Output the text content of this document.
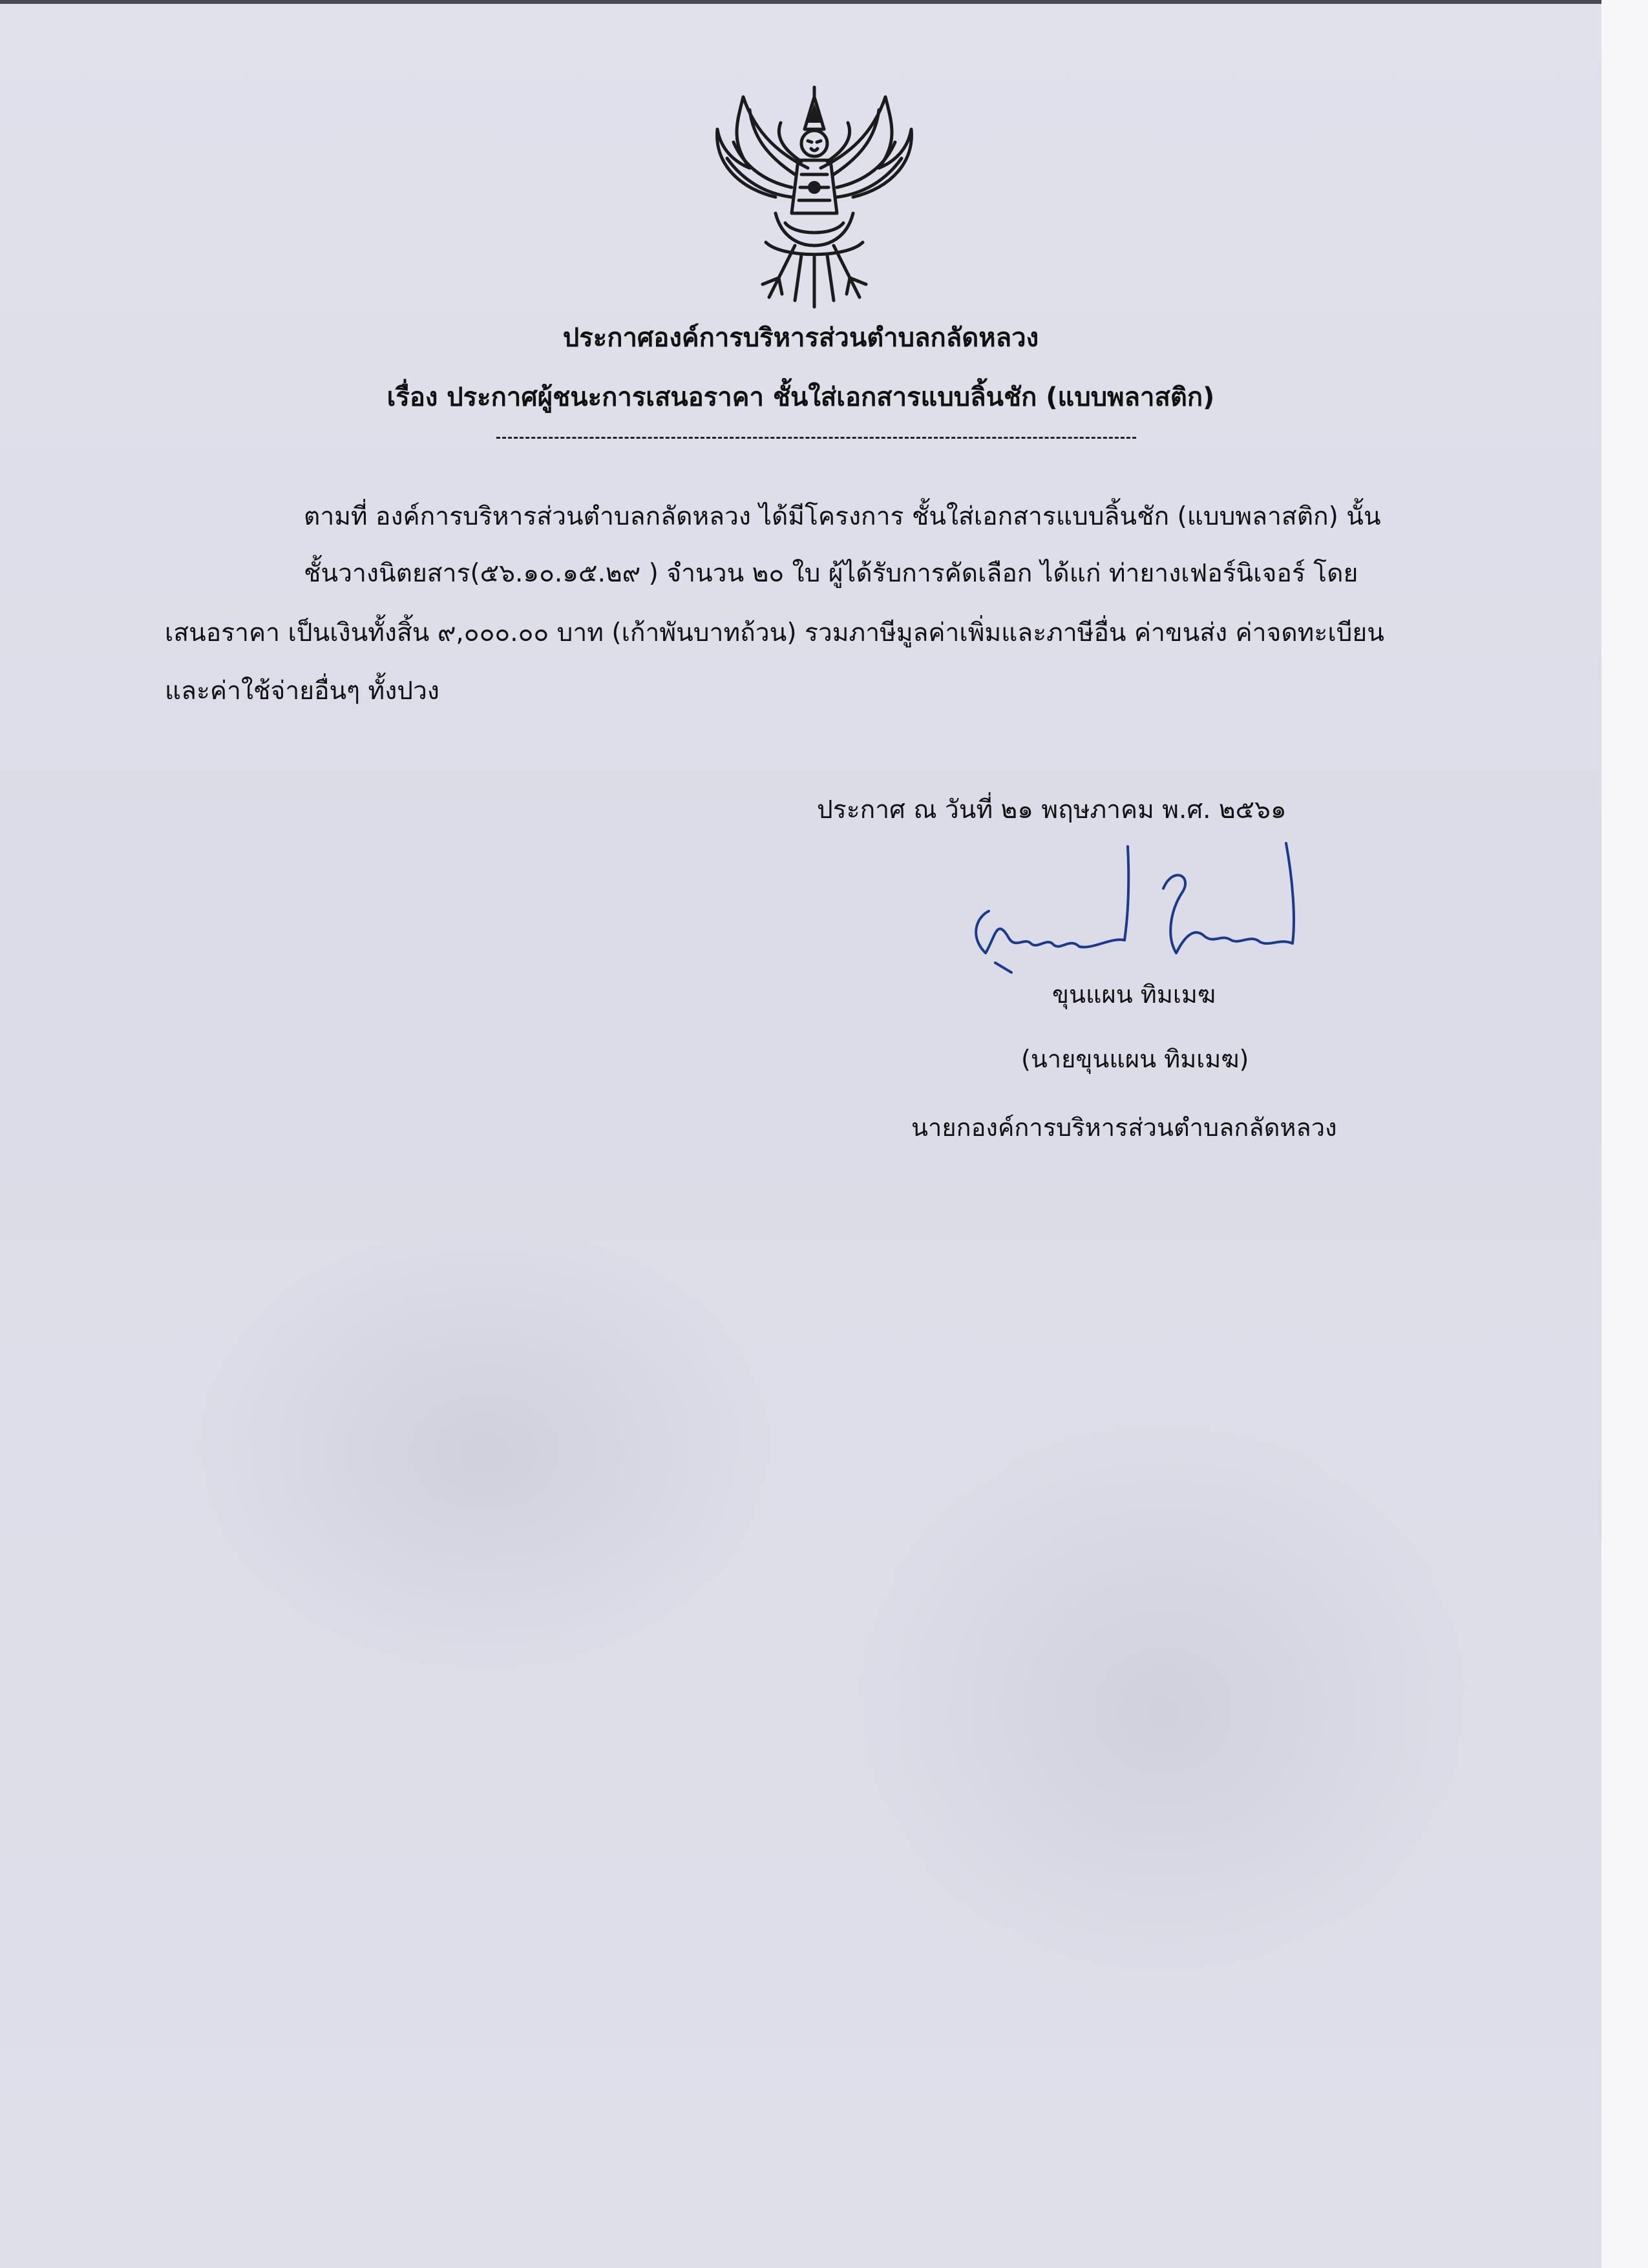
ประกาศองค์การบริหารส่วนตำบลกลัดหลวง
เรื่อง ประกาศผู้ชนะการเสนอราคา ชั้นใส่เอกสารแบบลิ้นชัก (แบบพลาสติก)
ตามที่ องค์การบริหารส่วนตำบลกลัดหลวง ได้มีโครงการ ชั้นใส่เอกสารแบบลิ้นชัก (แบบพลาสติก) นั้น
ชั้นวางนิตยสาร(๕๖.๑๐.๑๕.๒๙ ) จำนวน ๒๐ ใบ ผู้ได้รับการคัดเลือก ได้แก่ ท่ายางเฟอร์นิเจอร์ โดย
เสนอราคา เป็นเงินทั้งสิ้น ๙,๐๐๐.๐๐ บาท (เก้าพันบาทถ้วน) รวมภาษีมูลค่าเพิ่มและภาษีอื่น ค่าขนส่ง ค่าจดทะเบียน
และค่าใช้จ่ายอื่นๆ ทั้งปวง
ประกาศ ณ วันที่ ๒๑ พฤษภาคม พ.ศ. ๒๕๖๑
ขุนแผน ทิมเมฆ
(นายขุนแผน ทิมเมฆ)
นายกองค์การบริหารส่วนตำบลกลัดหลวง
